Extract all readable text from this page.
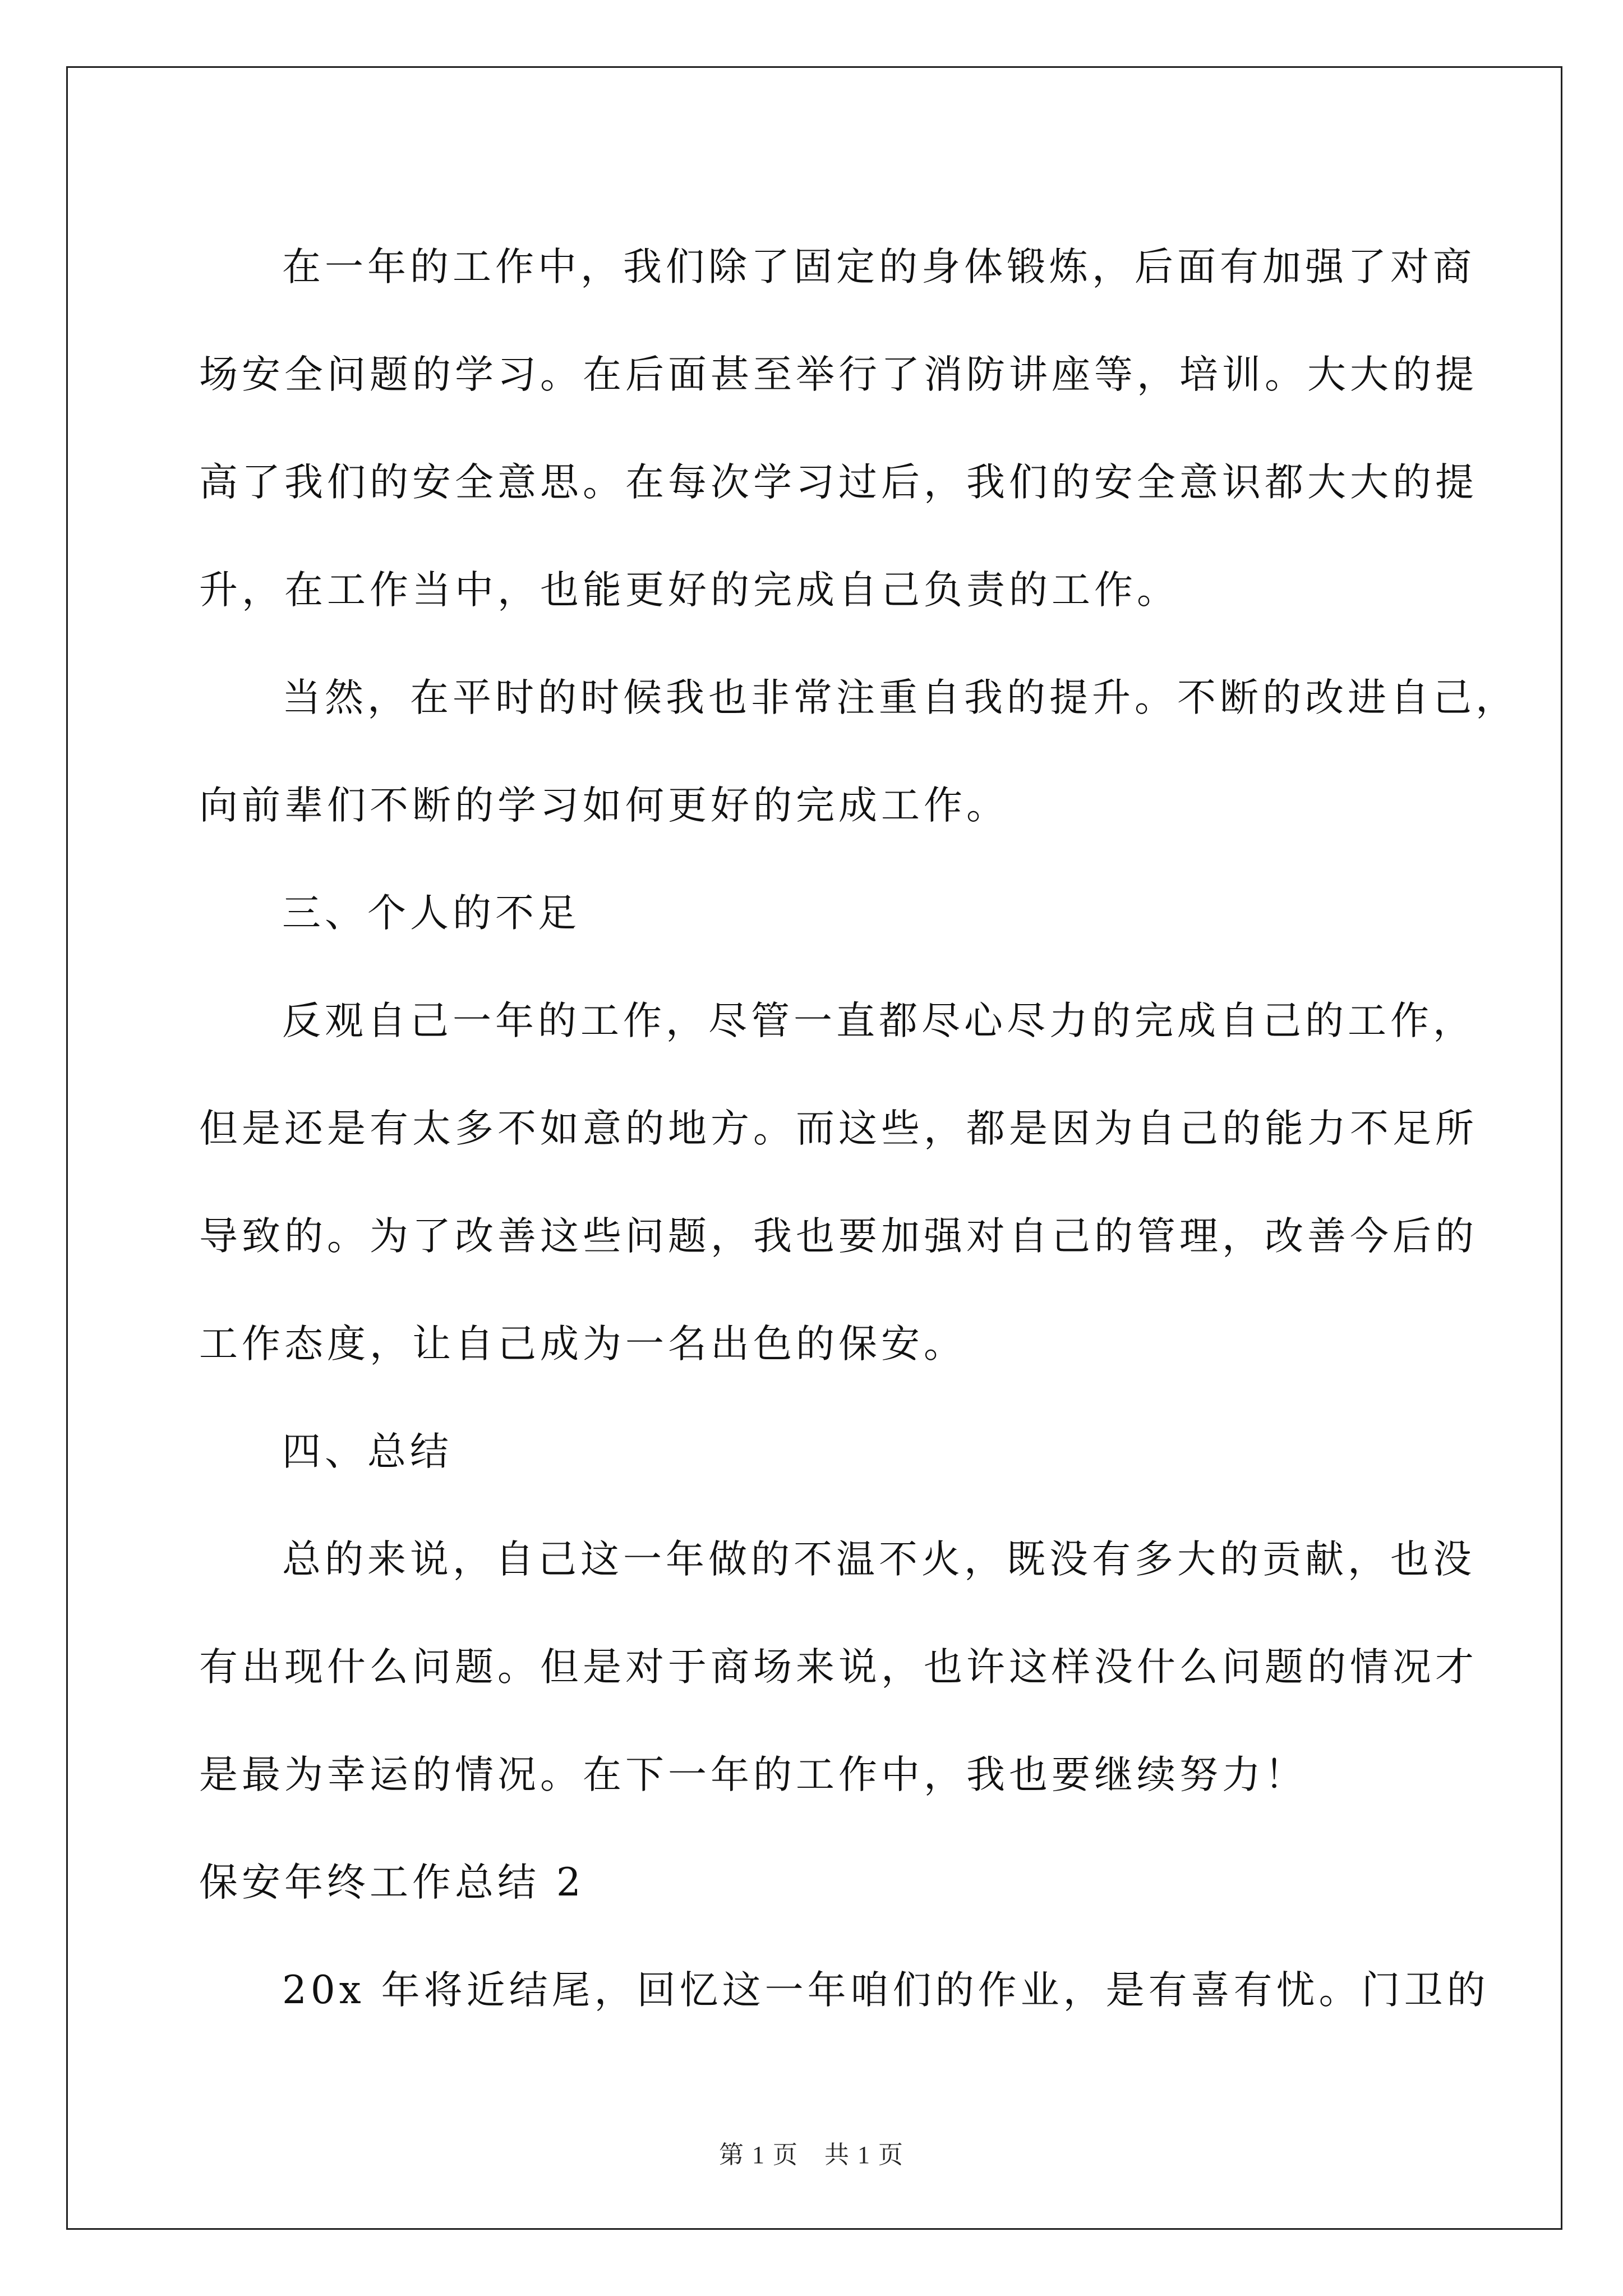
在一年的工作中，我们除了固定的身体锻炼，后面有加强了对商
场安全问题的学习。在后面甚至举行了消防讲座等，培训。大大的提
高了我们的安全意思。在每次学习过后，我们的安全意识都大大的提
升，在工作当中，也能更好的完成自己负责的工作。

当然，在平时的时候我也非常注重自我的提升。不断的改进自己，
向前辈们不断的学习如何更好的完成工作。

三、个人的不足

反观自己一年的工作，尽管一直都尽心尽力的完成自己的工作，
但是还是有太多不如意的地方。而这些，都是因为自己的能力不足所
导致的。为了改善这些问题，我也要加强对自己的管理，改善今后的
工作态度，让自己成为一名出色的保安。

四、总结

总的来说，自己这一年做的不温不火，既没有多大的贡献，也没
有出现什么问题。但是对于商场来说，也许这样没什么问题的情况才
是最为幸运的情况。在下一年的工作中，我也要继续努力！

保安年终工作总结 2

20x 年将近结尾，回忆这一年咱们的作业，是有喜有忧。门卫的

第 1 页　共 1 页
